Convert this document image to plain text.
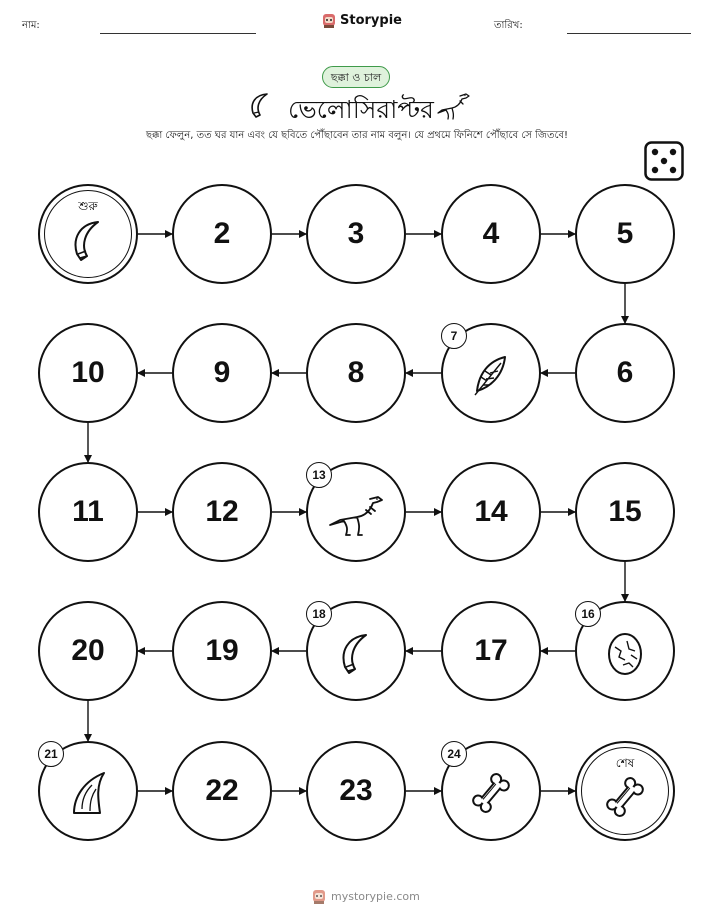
নাম:	Storypie	তারিখ:
ছক্কা ও চাল
ভেলোসিরাপ্টর
ছক্কা ফেলুন, তত ঘর যান এবং যে ছবিতে পৌঁছাবেন তার নাম বলুন। যে প্রথমে ফিনিশে পৌঁছাবে সে জিতবে!
শুরু
2	3	4	5
6
7
8
9
10
11	12
13
14	15
16
17
18
19
20
21
22	23
24
শেষ
mystorypie.com
